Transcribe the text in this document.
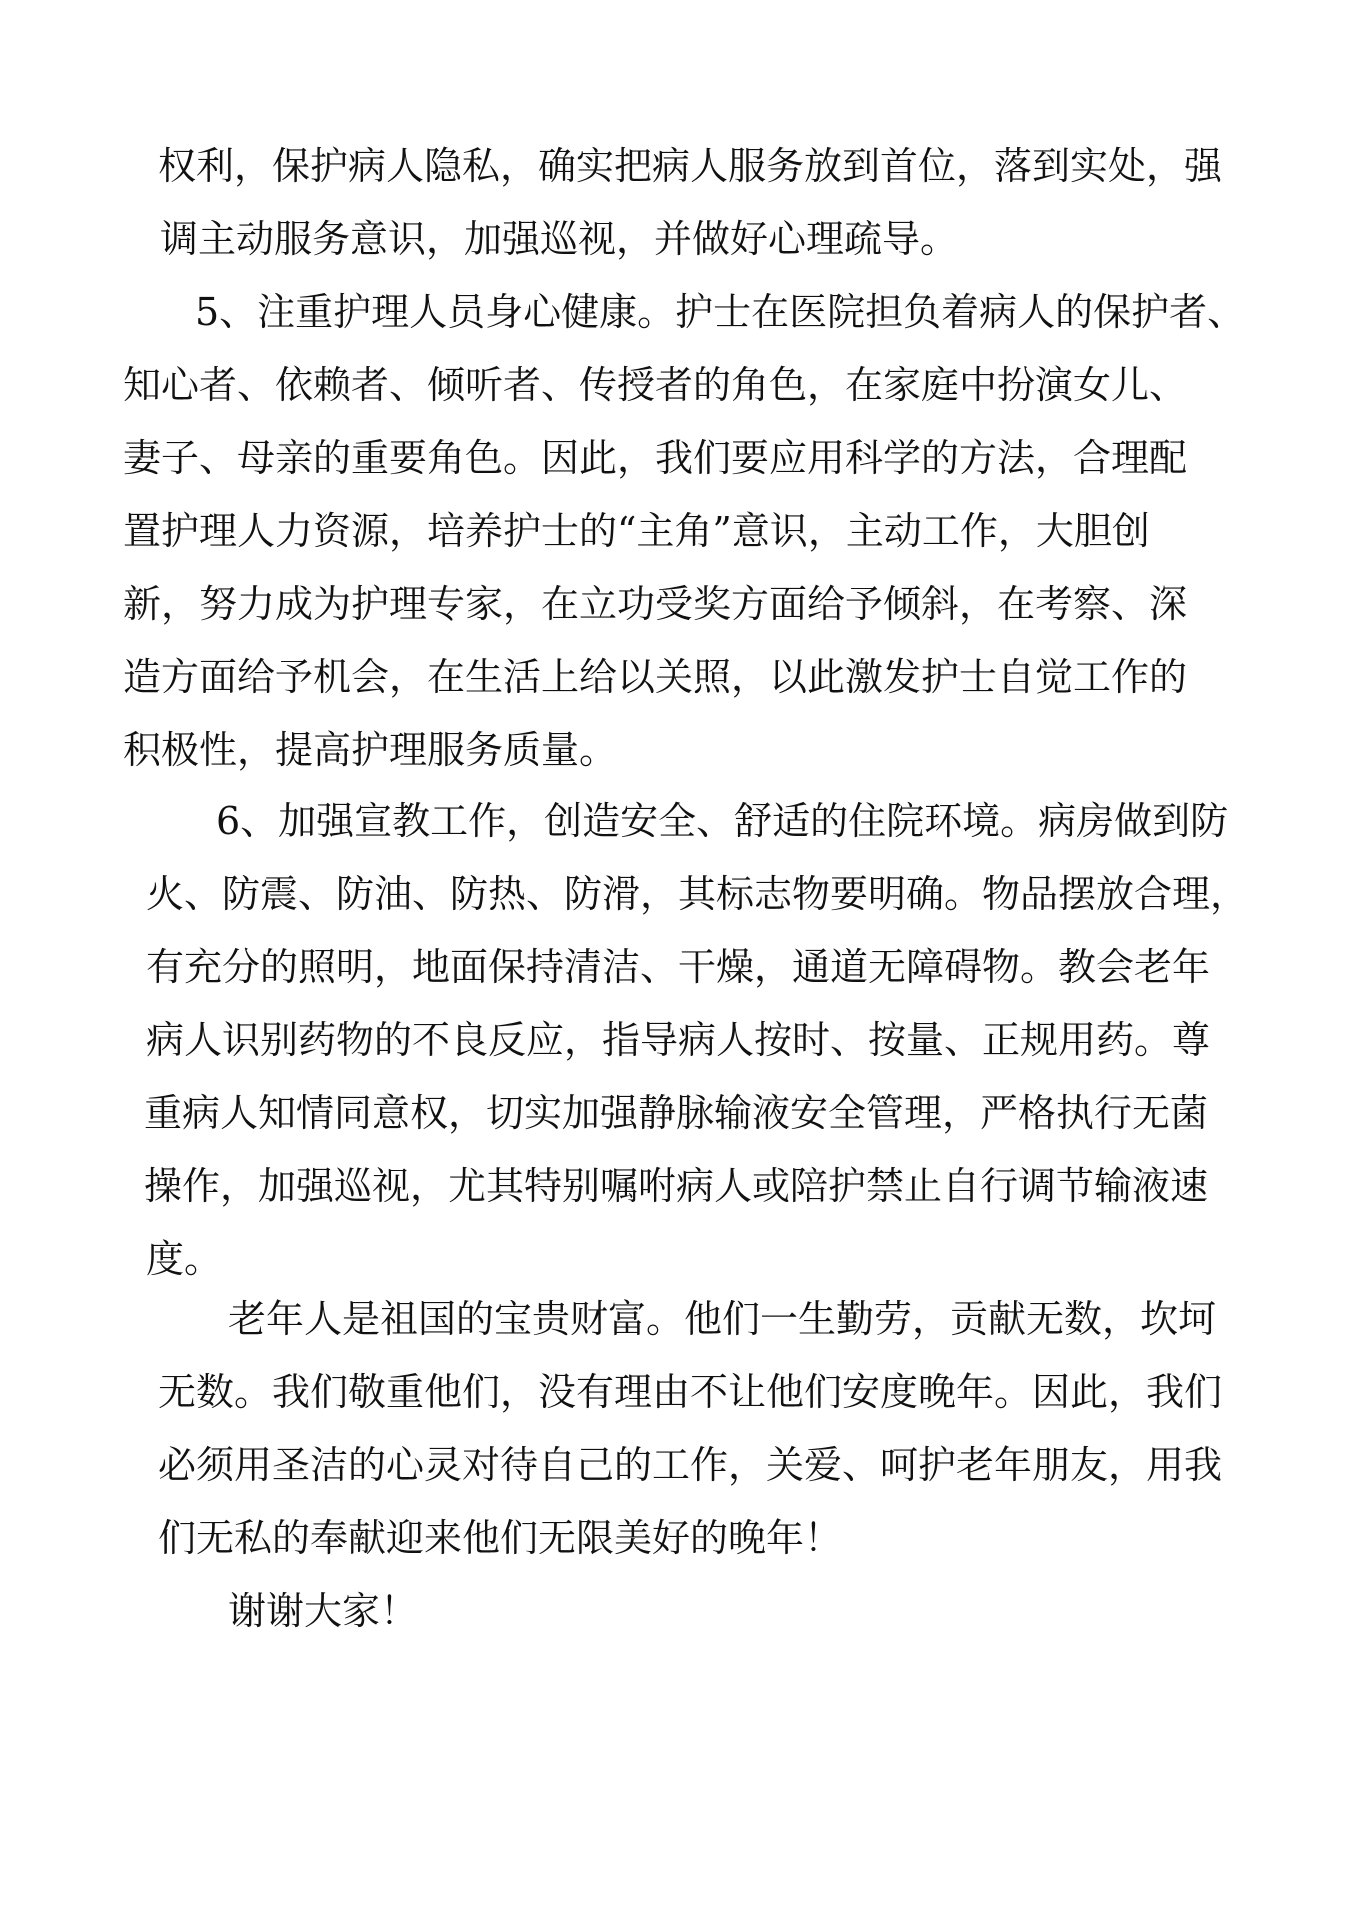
权利，保护病人隐私，确实把病人服务放到首位，落到实处，强
调主动服务意识，加强巡视，并做好心理疏导。
5、注重护理人员身心健康。护士在医院担负着病人的保护者、
知心者、依赖者、倾听者、传授者的角色，在家庭中扮演女儿、
妻子、母亲的重要角色。因此，我们要应用科学的方法，合理配
置护理人力资源，培养护士的“主角”意识，主动工作，大胆创
新，努力成为护理专家，在立功受奖方面给予倾斜，在考察、深
造方面给予机会，在生活上给以关照，以此激发护士自觉工作的
积极性，提高护理服务质量。
6、加强宣教工作，创造安全、舒适的住院环境。病房做到防
火、防震、防油、防热、防滑，其标志物要明确。物品摆放合理，
有充分的照明，地面保持清洁、干燥，通道无障碍物。教会老年
病人识别药物的不良反应，指导病人按时、按量、正规用药。尊
重病人知情同意权，切实加强静脉输液安全管理，严格执行无菌
操作，加强巡视，尤其特别嘱咐病人或陪护禁止自行调节输液速
度。
老年人是祖国的宝贵财富。他们一生勤劳，贡献无数，坎坷
无数。我们敬重他们，没有理由不让他们安度晚年。因此，我们
必须用圣洁的心灵对待自己的工作，关爱、呵护老年朋友，用我
们无私的奉献迎来他们无限美好的晚年！
谢谢大家！
